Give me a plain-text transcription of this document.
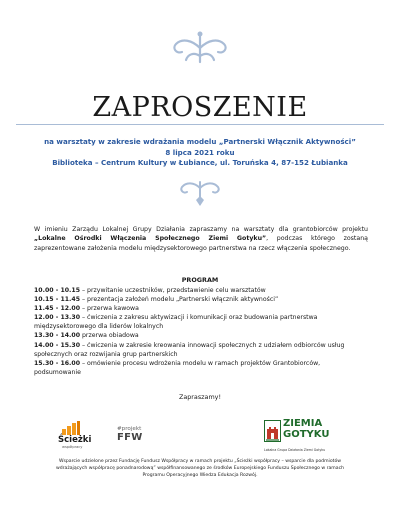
ZAPROSZENIE
na warsztaty w zakresie wdrażania modelu „Partnerski Włącznik Aktywności”
8 lipca 2021 roku
Biblioteka – Centrum Kultury w Łubiance, ul. Toruńska 4, 87-152 Łubianka
W imieniu Zarządu Lokalnej Grupy Działania zapraszamy na warsztaty dla grantobiorców projektu „Lokalne Ośrodki Włączenia Społecznego Ziemi Gotyku”, podczas którego zostaną zaprezentowane założenia modelu międzysektorowego partnerstwa na rzecz włączenia społecznego.
PROGRAM
10.00 - 10.15 – przywitanie uczestników, przedstawienie celu warsztatów
10.15 - 11.45 – prezentacja założeń modelu „Partnerski włącznik aktywności”
11.45 - 12.00 – przerwa kawowa
12.00 - 13.30 – ćwiczenia z zakresu aktywizacji i komunikacji oraz budowania partnerstwa międzysektorowego dla liderów lokalnych
13.30 - 14.00 przerwa obiadowa
14.00 - 15.30 – ćwiczenia w zakresie kreowania innowacji społecznych z udziałem odbiorców usług społecznych oraz rozwijania grup partnerskich
15.30 - 16.00 – omówienie procesu wdrożenia modelu w ramach projektów Grantobiorców, podsumowanie
Zapraszamy!
Ścieżki
współpracy
#projekt
FFW
ZIEMIA
GOTYKU
Lokalna Grupa Działania Ziemi Gotyku
Wsparcie udzielone przez Fundację Fundusz Współpracy w ramach projektu „Ścieżki współpracy – wsparcie dla podmiotów
wdrażających współpracę ponadnarodową” współfinansowanego ze środków Europejskiego Funduszu Społecznego w ramach
Programu Operacyjnego Wiedza Edukacja Rozwój.
